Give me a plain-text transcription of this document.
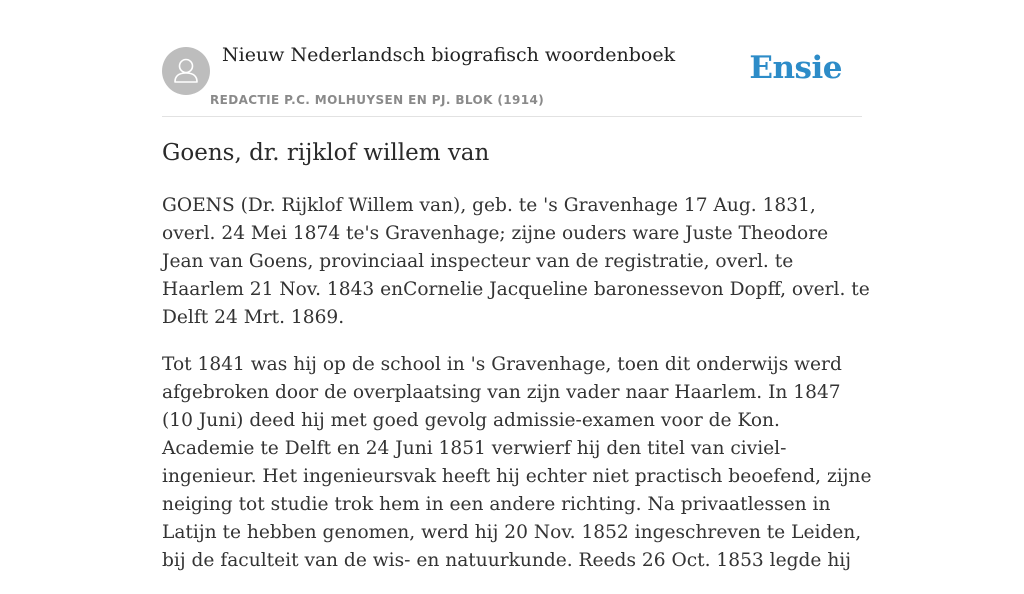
Nieuw Nederlandsch biografisch woordenboek
REDACTIE P.C. MOLHUYSEN EN PJ. BLOK (1914)
Ensie
Goens, dr. rijklof willem van

GOENS (Dr. Rijklof Willem van), geb. te 's Gravenhage 17 Aug. 1831, overl. 24 Mei 1874 te's Gravenhage; zijne ouders ware Juste Theodore Jean van Goens, provinciaal inspecteur van de registratie, overl. te Haarlem 21 Nov. 1843 enCornelie Jacqueline baronessevon Dopff, overl. te Delft 24 Mrt. 1869.

Tot 1841 was hij op de school in 's Gravenhage, toen dit onderwijs werd afgebroken door de overplaatsing van zijn vader naar Haarlem. In 1847 (10 Juni) deed hij met goed gevolg admissie-examen voor de Kon. Academie te Delft en 24 Juni 1851 verwierf hij den titel van civiel-ingenieur. Het ingenieursvak heeft hij echter niet practisch beoefend, zijne neiging tot studie trok hem in een andere richting. Na privaatlessen in Latijn te hebben genomen, werd hij 20 Nov. 1852 ingeschreven te Leiden, bij de faculteit van de wis- en natuurkunde. Reeds 26 Oct. 1853 legde hij
